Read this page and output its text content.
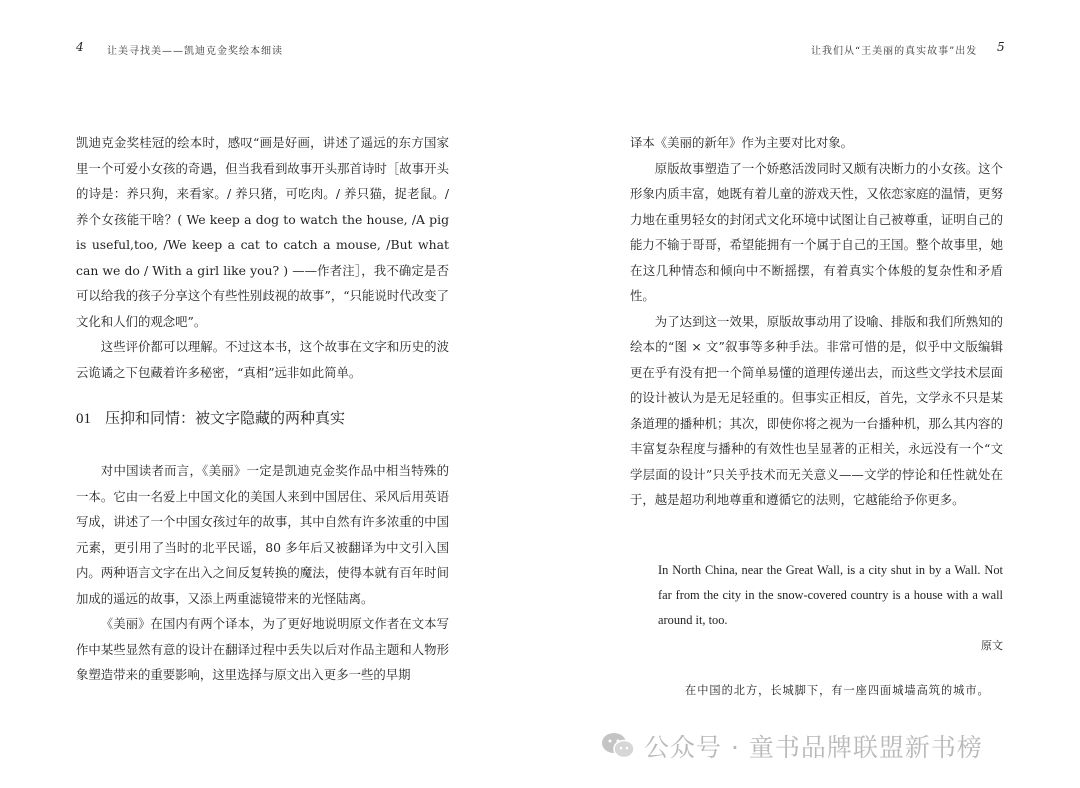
4 让美寻找美——凯迪克金奖绘本细读

凯迪克金奖桂冠的绘本时，感叹“画是好画，讲述了遥远的东方国家里一个可爱小女孩的奇遇，但当我看到故事开头那首诗时［故事开头的诗是：养只狗，来看家。/ 养只猪，可吃肉。/ 养只猫，捉老鼠。/ 养个女孩能干啥？( We keep a dog to watch the house, /A pig is useful,too, /We keep a cat to catch a mouse, /But what can we do / With a girl like you? ) ——作者注］，我不确定是否可以给我的孩子分享这个有些性别歧视的故事”，“只能说时代改变了文化和人们的观念吧”。

这些评价都可以理解。不过这本书，这个故事在文字和历史的波云诡谲之下包藏着许多秘密，“真相”远非如此简单。

01 压抑和同情：被文字隐藏的两种真实

对中国读者而言，《美丽》一定是凯迪克金奖作品中相当特殊的一本。它由一名爱上中国文化的美国人来到中国居住、采风后用英语写成，讲述了一个中国女孩过年的故事，其中自然有许多浓重的中国元素，更引用了当时的北平民谣，80 多年后又被翻译为中文引入国内。两种语言文字在出入之间反复转换的魔法，使得本就有百年时间加成的遥远的故事，又添上两重滤镜带来的光怪陆离。

《美丽》在国内有两个译本，为了更好地说明原文作者在文本写作中某些显然有意的设计在翻译过程中丢失以后对作品主题和人物形象塑造带来的重要影响，这里选择与原文出入更多一些的早期

让我们从“王美丽的真实故事”出发 5

译本《美丽的新年》作为主要对比对象。

原版故事塑造了一个娇憨活泼同时又颇有决断力的小女孩。这个形象内质丰富，她既有着儿童的游戏天性，又依恋家庭的温情，更努力地在重男轻女的封闭式文化环境中试图让自己被尊重，证明自己的能力不输于哥哥，希望能拥有一个属于自己的王国。整个故事里，她在这几种情态和倾向中不断摇摆，有着真实个体般的复杂性和矛盾性。

为了达到这一效果，原版故事动用了设喻、排版和我们所熟知的绘本的“图 × 文”叙事等多种手法。非常可惜的是，似乎中文版编辑更在乎有没有把一个简单易懂的道理传递出去，而这些文学技术层面的设计被认为是无足轻重的。但事实正相反，首先，文学永不只是某条道理的播种机；其次，即使你将之视为一台播种机，那么其内容的丰富复杂程度与播种的有效性也呈显著的正相关，永远没有一个“文学层面的设计”只关乎技术而无关意义——文学的悖论和任性就处在于，越是超功利地尊重和遵循它的法则，它越能给予你更多。

In North China, near the Great Wall, is a city shut in by a Wall. Not far from the city in the snow-covered country is a house with a wall around it, too.

原文

在中国的北方，长城脚下，有一座四面城墙高筑的城市。
公众号 · 童书品牌联盟新书榜
